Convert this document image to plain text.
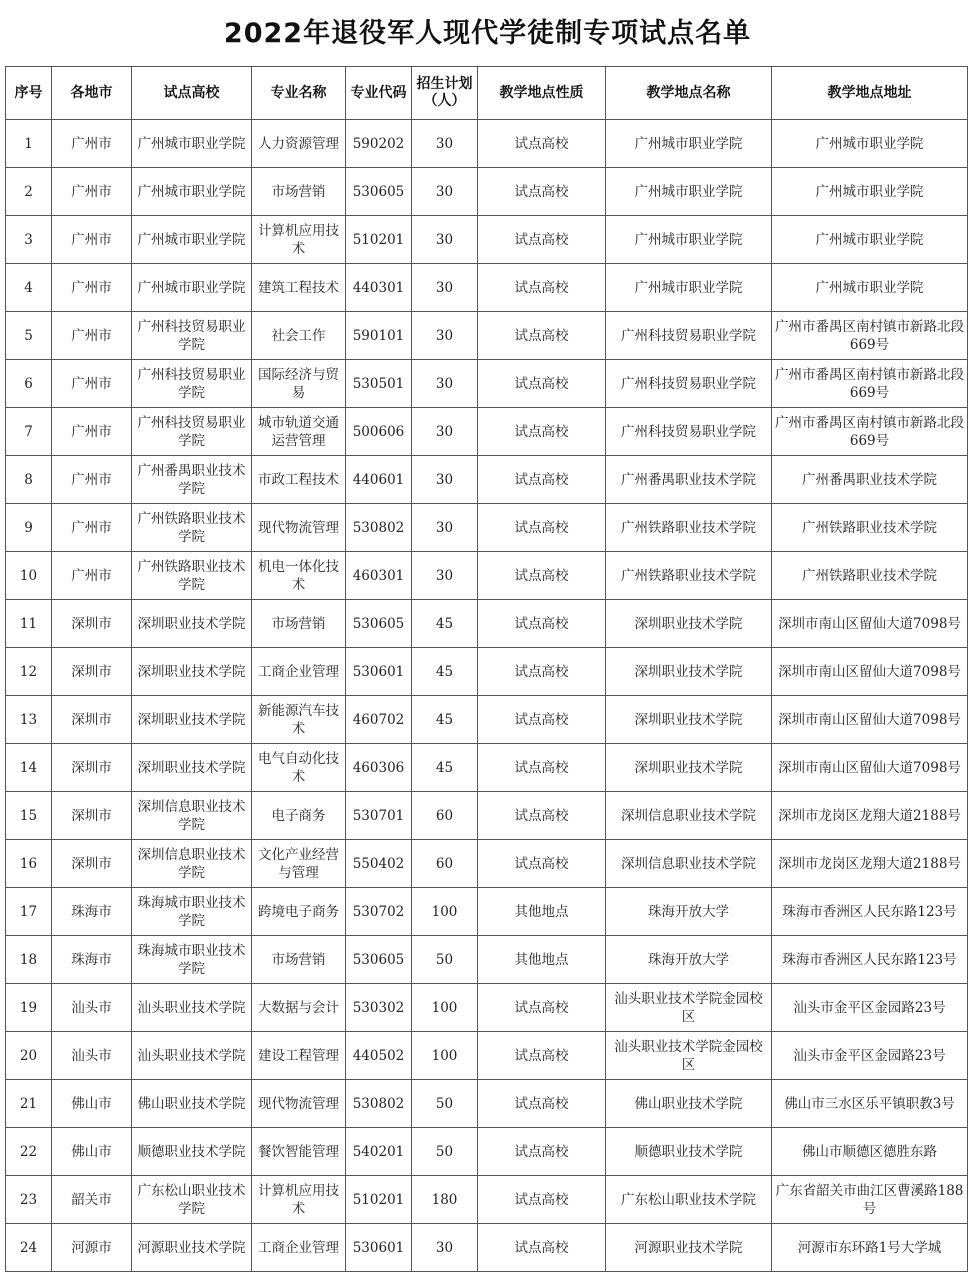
2022年退役军人现代学徒制专项试点名单
序号	各地市	试点高校	专业名称	专业代码	招生计划（人）	教学地点性质	教学地点名称	教学地点地址
1	广州市	广州城市职业学院	人力资源管理	590202	30	试点高校	广州城市职业学院	广州城市职业学院
2	广州市	广州城市职业学院	市场营销	530605	30	试点高校	广州城市职业学院	广州城市职业学院
3	广州市	广州城市职业学院	计算机应用技术	510201	30	试点高校	广州城市职业学院	广州城市职业学院
4	广州市	广州城市职业学院	建筑工程技术	440301	30	试点高校	广州城市职业学院	广州城市职业学院
5	广州市	广州科技贸易职业学院	社会工作	590101	30	试点高校	广州科技贸易职业学院	广州市番禺区南村镇市新路北段669号
6	广州市	广州科技贸易职业学院	国际经济与贸易	530501	30	试点高校	广州科技贸易职业学院	广州市番禺区南村镇市新路北段669号
7	广州市	广州科技贸易职业学院	城市轨道交通运营管理	500606	30	试点高校	广州科技贸易职业学院	广州市番禺区南村镇市新路北段669号
8	广州市	广州番禺职业技术学院	市政工程技术	440601	30	试点高校	广州番禺职业技术学院	广州番禺职业技术学院
9	广州市	广州铁路职业技术学院	现代物流管理	530802	30	试点高校	广州铁路职业技术学院	广州铁路职业技术学院
10	广州市	广州铁路职业技术学院	机电一体化技术	460301	30	试点高校	广州铁路职业技术学院	广州铁路职业技术学院
11	深圳市	深圳职业技术学院	市场营销	530605	45	试点高校	深圳职业技术学院	深圳市南山区留仙大道7098号
12	深圳市	深圳职业技术学院	工商企业管理	530601	45	试点高校	深圳职业技术学院	深圳市南山区留仙大道7098号
13	深圳市	深圳职业技术学院	新能源汽车技术	460702	45	试点高校	深圳职业技术学院	深圳市南山区留仙大道7098号
14	深圳市	深圳职业技术学院	电气自动化技术	460306	45	试点高校	深圳职业技术学院	深圳市南山区留仙大道7098号
15	深圳市	深圳信息职业技术学院	电子商务	530701	60	试点高校	深圳信息职业技术学院	深圳市龙岗区龙翔大道2188号
16	深圳市	深圳信息职业技术学院	文化产业经营与管理	550402	60	试点高校	深圳信息职业技术学院	深圳市龙岗区龙翔大道2188号
17	珠海市	珠海城市职业技术学院	跨境电子商务	530702	100	其他地点	珠海开放大学	珠海市香洲区人民东路123号
18	珠海市	珠海城市职业技术学院	市场营销	530605	50	其他地点	珠海开放大学	珠海市香洲区人民东路123号
19	汕头市	汕头职业技术学院	大数据与会计	530302	100	试点高校	汕头职业技术学院金园校区	汕头市金平区金园路23号
20	汕头市	汕头职业技术学院	建设工程管理	440502	100	试点高校	汕头职业技术学院金园校区	汕头市金平区金园路23号
21	佛山市	佛山职业技术学院	现代物流管理	530802	50	试点高校	佛山职业技术学院	佛山市三水区乐平镇职教3号
22	佛山市	顺德职业技术学院	餐饮智能管理	540201	50	试点高校	顺德职业技术学院	佛山市顺德区德胜东路
23	韶关市	广东松山职业技术学院	计算机应用技术	510201	180	试点高校	广东松山职业技术学院	广东省韶关市曲江区曹溪路188号
24	河源市	河源职业技术学院	工商企业管理	530601	30	试点高校	河源职业技术学院	河源市东环路1号大学城
